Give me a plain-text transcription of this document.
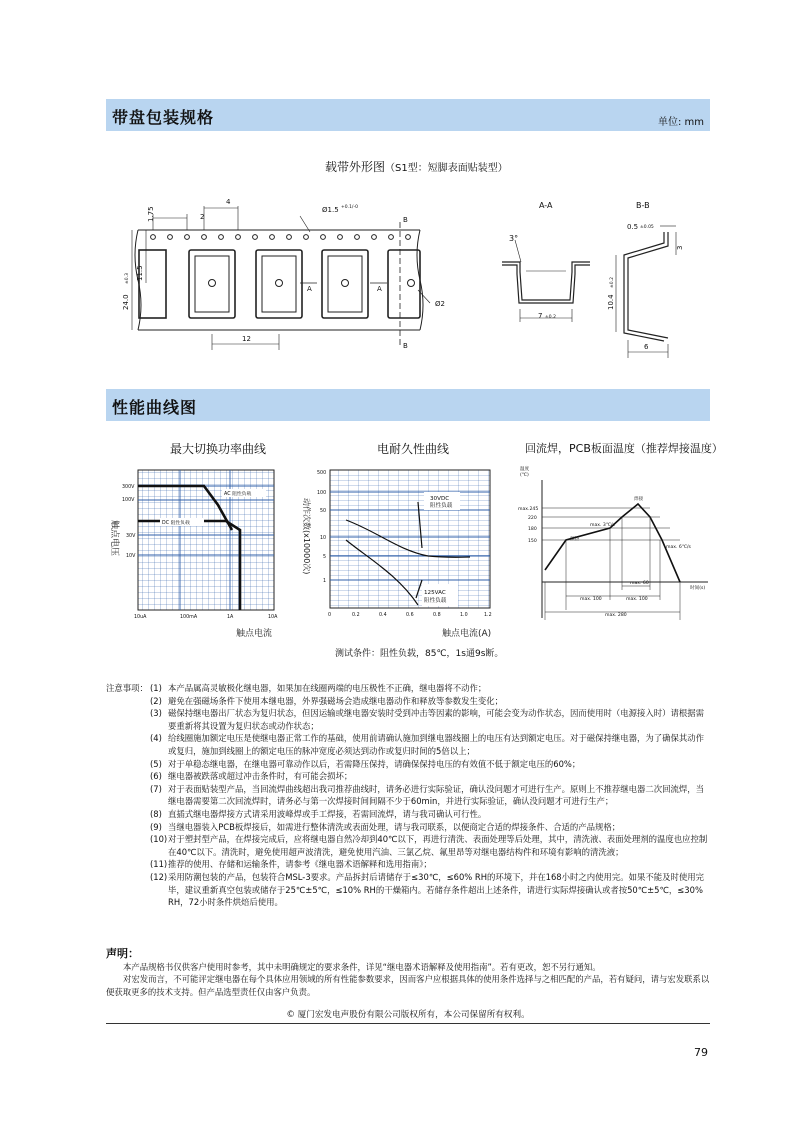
带盘包装规格	单位: mm
载带外形图（S1型：短脚表面贴装型）
1.75	2
4
11.5
24.0
±0.3
12
Ø1.5 +0.1/-0
Ø2
A	A
B
B
A-A
3°
7 ±0.2
B-B
0.5 ±0.05
3
10.4
±0.2
6
性能曲线图
最大切换功率曲线	电耐久性曲线	回流焊，PCB板面温度（推荐焊接温度）
AC 阻性负载
DC 阻性负载
300V
100V
30V
10V
10uA	100mA	1A	10A
触点电压
触点电流
30VDC
阻性负载
125VAC
阻性负载
500
100
50
10
5
1
0	0.2	0.4	0.6	0.8	1.0	1.2
动作次数(x10000次)
触点电流(A)
温度
(℃)
max.245
220
180
150
焊接
预热
max. 3℃/s
max. 6℃/s
max. 60
max. 100	max. 100
max. 280
时间(s)
测试条件：阻性负载，85℃，1s通9s断。
注意事项： (1) 本产品属高灵敏极化继电器，如果加在线圈两端的电压极性不正确，继电器将不动作；
(2) 避免在强磁场条件下使用本继电器，外界强磁场会造成继电器动作和释放等参数发生变化；
(3) 磁保持继电器出厂状态为复归状态，但因运输或继电器安装时受到冲击等因素的影响，可能会变为动作状态，因而使用时（电源接入时）请根据需要重新将其设置为复归状态或动作状态；
(4) 给线圈施加额定电压是使继电器正常工作的基础，使用前请确认施加到继电器线圈上的电压有达到额定电压。对于磁保持继电器，为了确保其动作或复归，施加到线圈上的额定电压的脉冲宽度必须达到动作或复归时间的5倍以上；
(5) 对于单稳态继电器，在继电器可靠动作以后，若需降压保持，请确保保持电压的有效值不低于额定电压的60%；
(6) 继电器被跌落或超过冲击条件时，有可能会损坏；
(7) 对于表面贴装型产品，当回流焊曲线超出我司推荐曲线时，请务必进行实际验证，确认没问题才可进行生产。原则上不推荐继电器二次回流焊，当继电器需要第二次回流焊时，请务必与第一次焊接时间间隔不少于60min，并进行实际验证，确认没问题才可进行生产；
(8) 直插式继电器焊接方式请采用波峰焊或手工焊接，若需回流焊，请与我司确认可行性。
(9) 当继电器装入PCB板焊接后，如需进行整体清洗或表面处理，请与我司联系，以便商定合适的焊接条件、合适的产品规格；
(10) 对于塑封型产品，在焊接完成后，应将继电器自然冷却到40℃以下，再进行清洗、表面处理等后处理，其中，清洗液、表面处理剂的温度也应控制在40℃以下。清洗时，避免使用超声波清洗，避免使用汽油、三氯乙烷、氟里昂等对继电器结构件和环境有影响的清洗液；
(11) 推荐的使用、存储和运输条件，请参考《继电器术语解释和选用指南》；
(12) 采用防潮包装的产品，包装符合MSL-3要求。产品拆封后请储存于≤30℃，≤60% RH的环境下，并在168小时之内使用完。如果不能及时使用完毕，建议重新真空包装或储存于25℃±5℃，≤10% RH的干燥箱内。若储存条件超出上述条件，请进行实际焊接确认或者按50℃±5℃，≤30% RH，72小时条件烘焙后使用。
声明：
本产品规格书仅供客户使用时参考，其中未明确规定的要求条件，详见“继电器术语解释及使用指南”。若有更改，恕不另行通知。
对宏发而言，不可能评定继电器在每个具体应用领域的所有性能参数要求，因而客户应根据具体的使用条件选择与之相匹配的产品，若有疑问，请与宏发联系以便获取更多的技术支持。但产品选型责任仅由客户负责。
© 厦门宏发电声股份有限公司版权所有，本公司保留所有权利。
79
